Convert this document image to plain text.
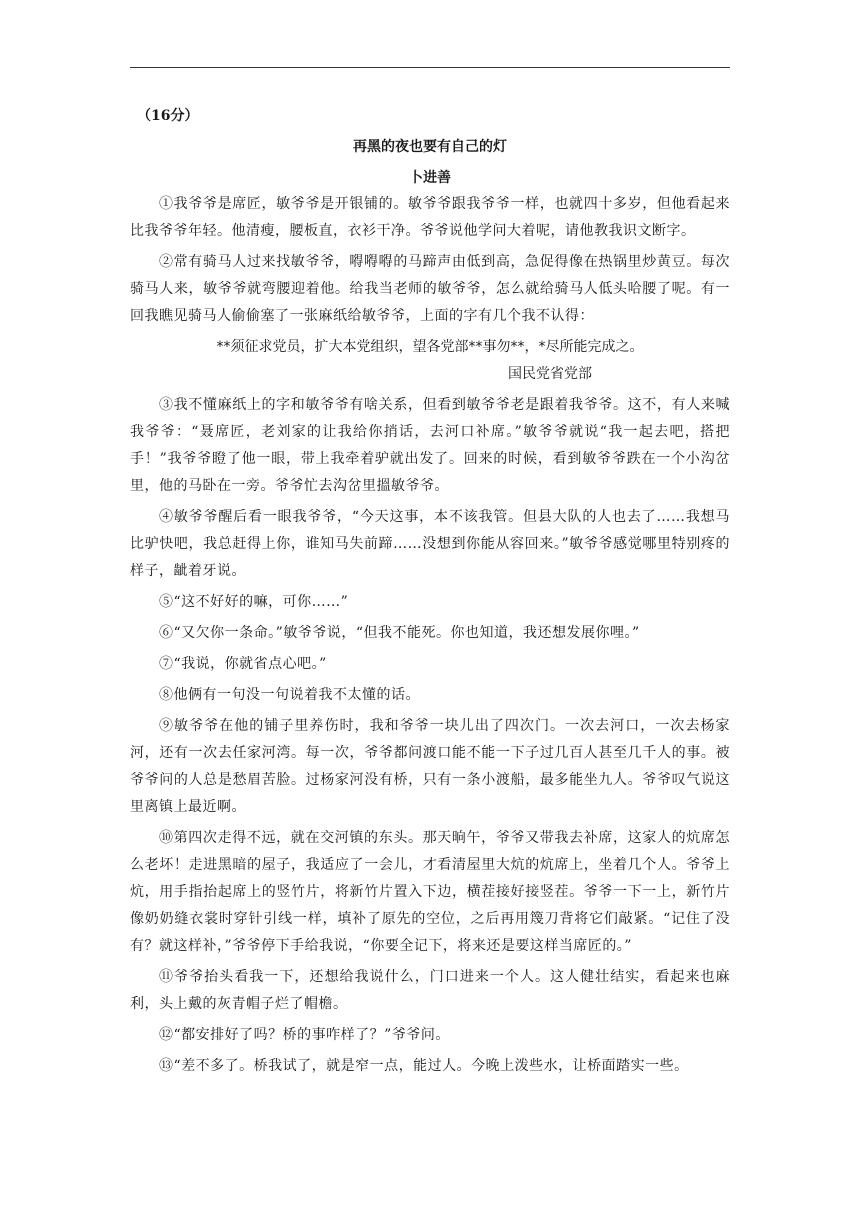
（16分）
再黑的夜也要有自己的灯
卜进善

①我爷爷是席匠，敏爷爷是开银铺的。敏爷爷跟我爷爷一样，也就四十多岁，但他看起来比我爷爷年轻。他清瘦，腰板直，衣衫干净。爷爷说他学问大着呢，请他教我识文断字。

②常有骑马人过来找敏爷爷，嘚嘚嘚的马蹄声由低到高，急促得像在热锅里炒黄豆。每次骑马人来，敏爷爷就弯腰迎着他。给我当老师的敏爷爷，怎么就给骑马人低头哈腰了呢。有一回我瞧见骑马人偷偷塞了一张麻纸给敏爷爷，上面的字有几个我不认得：

**须征求党员，扩大本党组织，望各党部**事勿**，*尽所能完成之。

国民党省党部

③我不懂麻纸上的字和敏爷爷有啥关系，但看到敏爷爷老是跟着我爷爷。这不，有人来喊我爷爷：“聂席匠，老刘家的让我给你捎话，去河口补席。”敏爷爷就说“我一起去吧，搭把手！”我爷爷瞪了他一眼，带上我牵着驴就出发了。回来的时候，看到敏爷爷跌在一个小沟岔里，他的马卧在一旁。爷爷忙去沟岔里搵敏爷爷。

④敏爷爷醒后看一眼我爷爷，“今天这事，本不该我管。但县大队的人也去了……我想马比驴快吧，我总赶得上你，谁知马失前蹄……没想到你能从容回来。”敏爷爷感觉哪里特别疼的样子，龇着牙说。

⑤“这不好好的嘛，可你……”

⑥“又欠你一条命。”敏爷爷说，“但我不能死。你也知道，我还想发展你哩。”

⑦“我说，你就省点心吧。”

⑧他俩有一句没一句说着我不太懂的话。

⑨敏爷爷在他的铺子里养伤时，我和爷爷一块儿出了四次门。一次去河口，一次去杨家河，还有一次去任家河湾。每一次，爷爷都问渡口能不能一下子过几百人甚至几千人的事。被爷爷问的人总是愁眉苦脸。过杨家河没有桥，只有一条小渡船，最多能坐九人。爷爷叹气说这里离镇上最近啊。

⑩第四次走得不远，就在交河镇的东头。那天晌午，爷爷又带我去补席，这家人的炕席怎么老坏！走进黑暗的屋子，我适应了一会儿，才看清屋里大炕的炕席上，坐着几个人。爷爷上炕，用手指抬起席上的竖竹片，将新竹片置入下边，横茬接好接竖茬。爷爷一下一上，新竹片像奶奶缝衣裳时穿针引线一样，填补了原先的空位，之后再用篾刀背将它们敲紧。“记住了没有？就这样补，”爷爷停下手给我说，“你要全记下，将来还是要这样当席匠的。”

⑪爷爷抬头看我一下，还想给我说什么，门口进来一个人。这人健壮结实，看起来也麻利，头上戴的灰青帽子烂了帽檐。

⑫“都安排好了吗？桥的事咋样了？”爷爷问。

⑬“差不多了。桥我试了，就是窄一点，能过人。今晚上泼些水，让桥面踏实一些。
